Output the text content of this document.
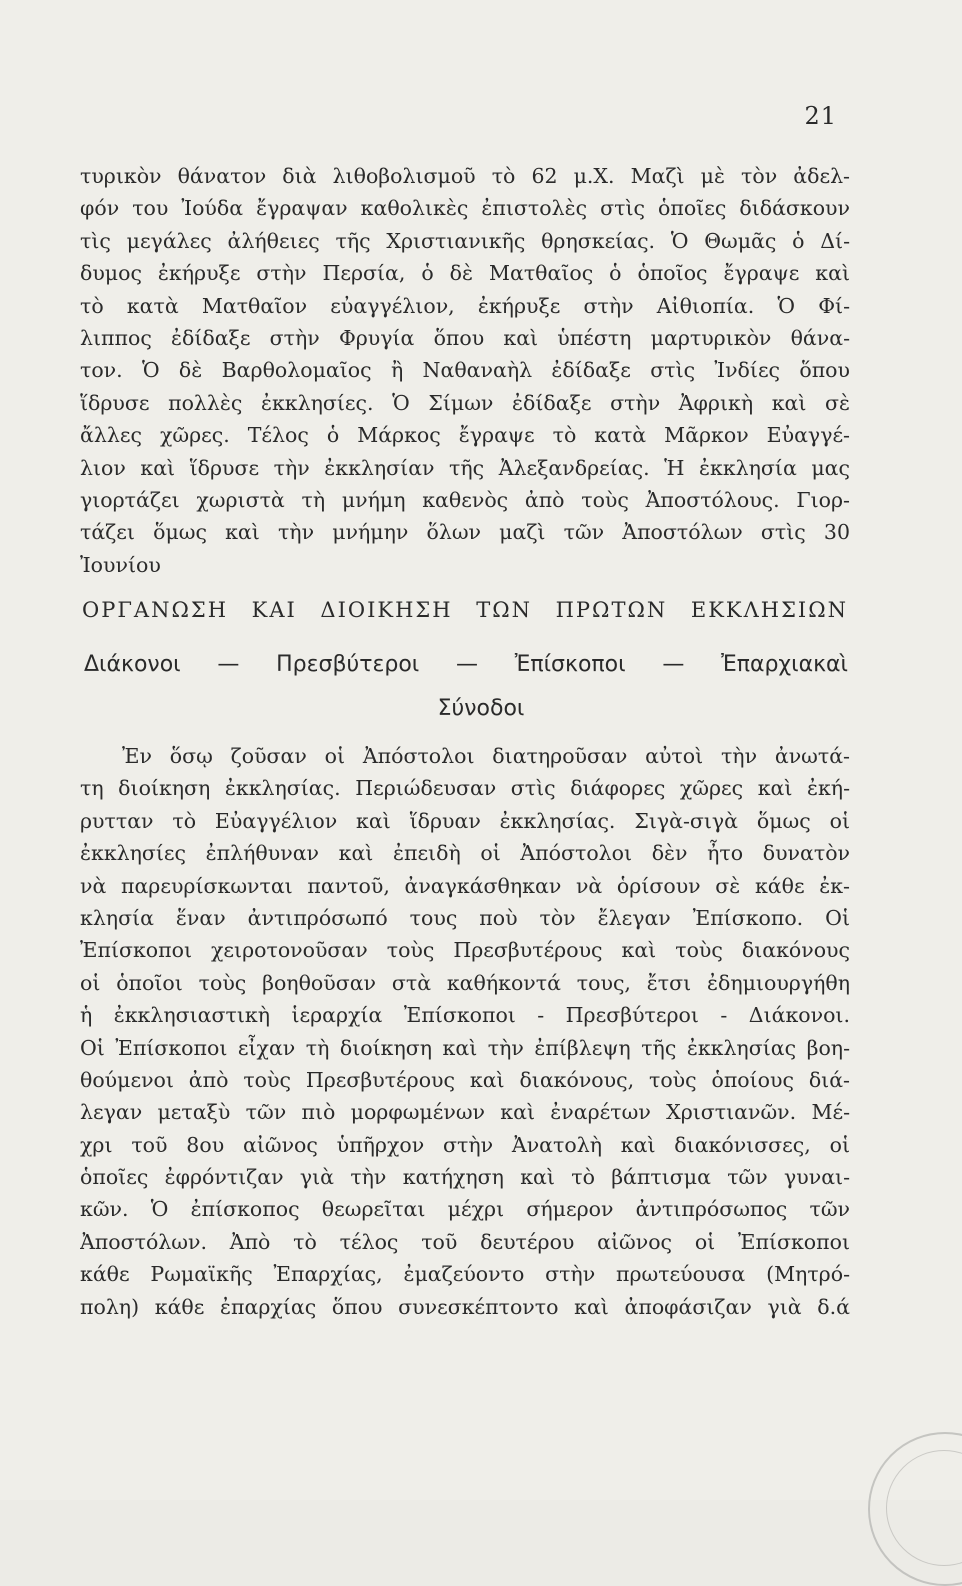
21
τυρικὸν θάνατον διὰ λιθοβολισμοῦ τὸ 62 μ.Χ. Μαζὶ μὲ τὸν ἀδελ-
φόν του Ἰούδα ἔγραψαν καθολικὲς ἐπιστολὲς στὶς ὁποῖες διδάσκουν
τὶς μεγάλες ἀλήθειες τῆς Χριστιανικῆς θρησκείας. Ὁ Θωμᾶς ὁ Δί-
δυμος ἐκήρυξε στὴν Περσία, ὁ δὲ Ματθαῖος ὁ ὁποῖος ἔγραψε καὶ
τὸ κατὰ Ματθαῖον εὐαγγέλιον, ἐκήρυξε στὴν Αἰθιοπία. Ὁ Φί-
λιππος ἐδίδαξε στὴν Φρυγία ὅπου καὶ ὑπέστη μαρτυρικὸν θάνα-
τον. Ὁ δὲ Βαρθολομαῖος ἢ Ναθαναὴλ ἐδίδαξε στὶς Ἰνδίες ὅπου
ἵδρυσε πολλὲς ἐκκλησίες. Ὁ Σίμων ἐδίδαξε στὴν Ἀφρικὴ καὶ σὲ
ἄλλες χῶρες. Τέλος ὁ Μάρκος ἔγραψε τὸ κατὰ Μᾶρκον Εὐαγγέ-
λιον καὶ ἵδρυσε τὴν ἐκκλησίαν τῆς Ἀλεξανδρείας. Ἡ ἐκκλησία μας
γιορτάζει χωριστὰ τὴ μνήμη καθενὸς ἀπὸ τοὺς Ἀποστόλους. Γιορ-
τάζει ὅμως καὶ τὴν μνήμην ὅλων μαζὶ τῶν Ἀποστόλων στὶς 30
Ἰουνίου
ΟΡΓΑΝΩΣΗ ΚΑΙ ΔΙΟΙΚΗΣΗ ΤΩΝ ΠΡΩΤΩΝ ΕΚΚΛΗΣΙΩΝ
Διάκονοι — Πρεσβύτεροι — Ἐπίσκοποι — Ἐπαρχιακαὶ
Σύνοδοι
Ἐν ὅσῳ ζοῦσαν οἱ Ἀπόστολοι διατηροῦσαν αὐτοὶ τὴν ἀνωτά-
τη διοίκηση ἐκκλησίας. Περιώδευσαν στὶς διάφορες χῶρες καὶ ἐκή-
ρυτταν τὸ Εὐαγγέλιον καὶ ἵδρυαν ἐκκλησίας. Σιγὰ-σιγὰ ὅμως οἱ
ἐκκλησίες ἐπλήθυναν καὶ ἐπειδὴ οἱ Ἀπόστολοι δὲν ἦτο δυνατὸν
νὰ παρευρίσκωνται παντοῦ, ἀναγκάσθηκαν νὰ ὁρίσουν σὲ κάθε ἐκ-
κλησία ἕναν ἀντιπρόσωπό τους ποὺ τὸν ἔλεγαν Ἐπίσκοπο. Οἱ
Ἐπίσκοποι χειροτονοῦσαν τοὺς Πρεσβυτέρους καὶ τοὺς διακόνους
οἱ ὁποῖοι τοὺς βοηθοῦσαν στὰ καθήκοντά τους, ἔτσι ἐδημιουργήθη
ἡ ἐκκλησιαστικὴ ἱεραρχία Ἐπίσκοποι - Πρεσβύτεροι - Διάκονοι.
Οἱ Ἐπίσκοποι εἶχαν τὴ διοίκηση καὶ τὴν ἐπίβλεψη τῆς ἐκκλησίας βοη-
θούμενοι ἀπὸ τοὺς Πρεσβυτέρους καὶ διακόνους, τοὺς ὁποίους διά-
λεγαν μεταξὺ τῶν πιὸ μορφωμένων καὶ ἐναρέτων Χριστιανῶν. Μέ-
χρι τοῦ 8ου αἰῶνος ὑπῆρχον στὴν Ἀνατολὴ καὶ διακόνισσες, οἱ
ὁποῖες ἐφρόντιζαν γιὰ τὴν κατήχηση καὶ τὸ βάπτισμα τῶν γυναι-
κῶν. Ὁ ἐπίσκοπος θεωρεῖται μέχρι σήμερον ἀντιπρόσωπος τῶν
Ἀποστόλων. Ἀπὸ τὸ τέλος τοῦ δευτέρου αἰῶνος οἱ Ἐπίσκοποι
κάθε Ρωμαϊκῆς Ἐπαρχίας, ἐμαζεύοντο στὴν πρωτεύουσα (Μητρό-
πολη) κάθε ἐπαρχίας ὅπου συνεσκέπτοντο καὶ ἀποφάσιζαν γιὰ δ.ά
